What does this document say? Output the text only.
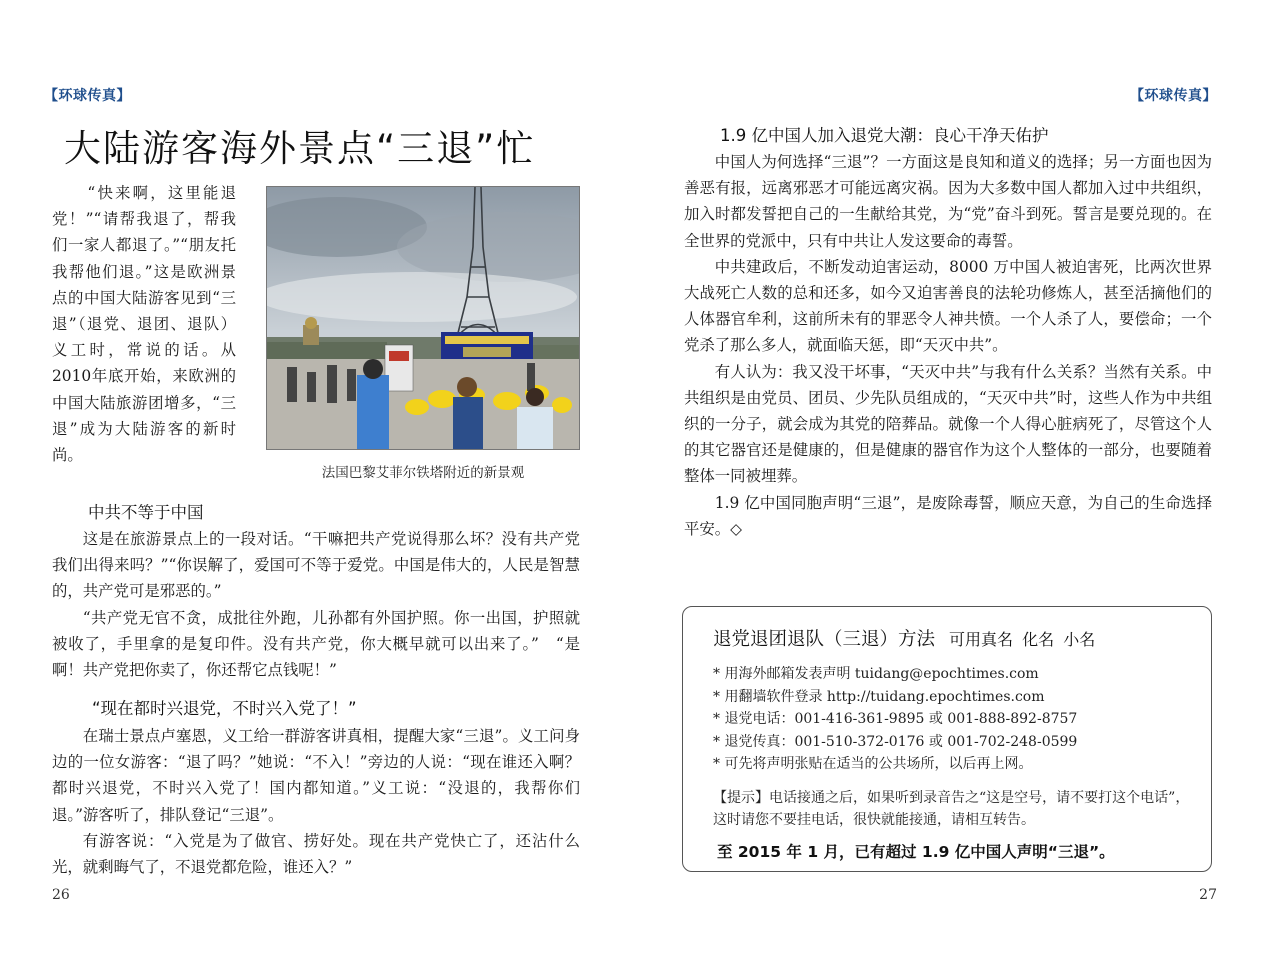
【环球传真】
大陆游客海外景点“三退”忙

“快来啊，这里能退党！”“请帮我退了，帮我们一家人都退了。”“朋友托我帮他们退。”这是欧洲景点的中国大陆游客见到“三退”（退党、退团、退队）义工时，常说的话。从2010年底开始，来欧洲的中国大陆旅游团增多，“三退”成为大陆游客的新时尚。

法国巴黎艾菲尔铁塔附近的新景观
中共不等于中国

这是在旅游景点上的一段对话。“干嘛把共产党说得那么坏？没有共产党我们出得来吗？”“你误解了，爱国可不等于爱党。中国是伟大的，人民是智慧的，共产党可是邪恶的。”

“共产党无官不贪，成批往外跑，儿孙都有外国护照。你一出国，护照就被收了，手里拿的是复印件。没有共产党，你大概早就可以出来了。”　“是啊！共产党把你卖了，你还帮它点钱呢！”

“现在都时兴退党，不时兴入党了！”

在瑞士景点卢塞恩，义工给一群游客讲真相，提醒大家“三退”。义工问身边的一位女游客：“退了吗？”她说：“不入！”旁边的人说：“现在谁还入啊？都时兴退党，不时兴入党了！国内都知道。”义工说：“没退的，我帮你们退。”游客听了，排队登记“三退”。

有游客说：“入党是为了做官、捞好处。现在共产党快亡了，还沾什么光，就剩晦气了，不退党都危险，谁还入？”

26
【环球传真】
1.9 亿中国人加入退党大潮：良心干净天佑护

中国人为何选择“三退”？一方面这是良知和道义的选择；另一方面也因为善恶有报，远离邪恶才可能远离灾祸。因为大多数中国人都加入过中共组织，加入时都发誓把自己的一生献给其党，为“党”奋斗到死。誓言是要兑现的。在全世界的党派中，只有中共让人发这要命的毒誓。

中共建政后，不断发动迫害运动，8000 万中国人被迫害死，比两次世界大战死亡人数的总和还多，如今又迫害善良的法轮功修炼人，甚至活摘他们的人体器官牟利，这前所未有的罪恶令人神共愤。一个人杀了人，要偿命；一个党杀了那么多人，就面临天惩，即“天灭中共”。

有人认为：我又没干坏事，“天灭中共”与我有什么关系？当然有关系。中共组织是由党员、团员、少先队员组成的，“天灭中共”时，这些人作为中共组织的一分子，就会成为其党的陪葬品。就像一个人得心脏病死了，尽管这个人的其它器官还是健康的，但是健康的器官作为这个人整体的一部分，也要随着整体一同被埋葬。

1.9 亿中国同胞声明“三退”，是废除毒誓，顺应天意，为自己的生命选择平安。◇

退党退团退队（三退）方法 可用真名 化名 小名
* 用海外邮箱发表声明 tuidang@epochtimes.com
* 用翻墙软件登录 http://tuidang.epochtimes.com
* 退党电话：001-416-361-9895 或 001-888-892-8757
* 退党传真：001-510-372-0176 或 001-702-248-0599
* 可先将声明张贴在适当的公共场所，以后再上网。

【提示】电话接通之后，如果听到录音告之“这是空号，请不要打这个电话”，这时请您不要挂电话，很快就能接通，请相互转告。

至 2015 年 1 月，已有超过 1.9 亿中国人声明“三退”。

27
